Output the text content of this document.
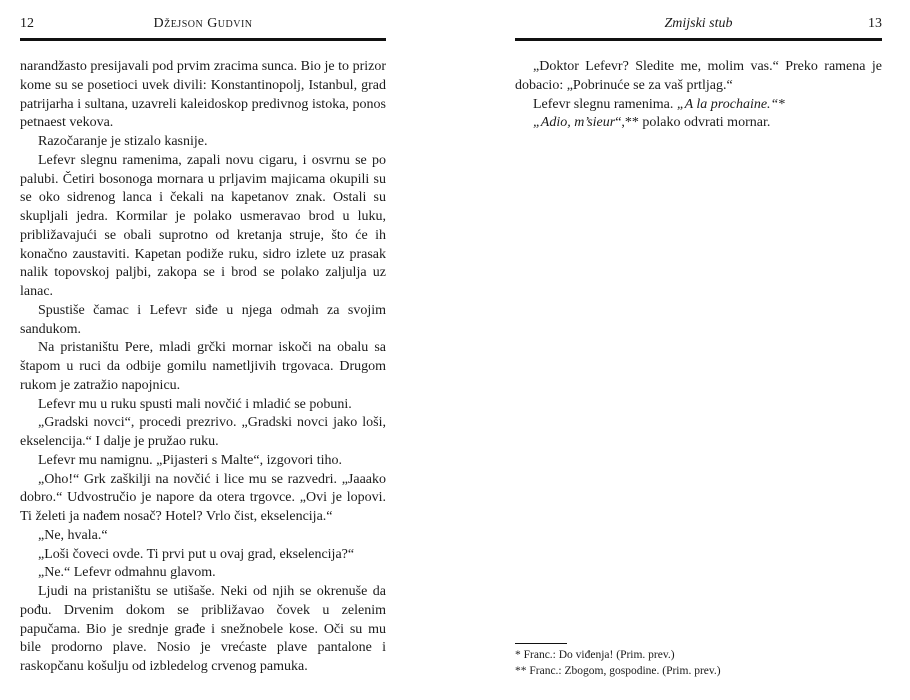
12	Džejson Gudvin

narandžasto presijavali pod prvim zracima sunca. Bio je to prizor kome su se posetioci uvek divili: Konstantinopolj, Istanbul, grad patrijarha i sultana, uzavreli kaleidoskop predivnog istoka, ponos petnaest vekova.

Razočaranje je stizalo kasnije.

Lefevr slegnu ramenima, zapali novu cigaru, i osvrnu se po palubi. Četiri bosonoga mornara u prljavim majicama okupili su se oko sidrenog lanca i čekali na kapetanov znak. Ostali su skupljali jedra. Kormilar je polako usmeravao brod u luku, približavajući se obali suprotno od kretanja struje, što će ih konačno zaustaviti. Kapetan podiže ruku, sidro izlete uz prasak nalik topovskoj paljbi, zakopa se i brod se polako zaljulja uz lanac.

Spustiše čamac i Lefevr siđe u njega odmah za svojim sandukom.

Na pristaništu Pere, mladi grčki mornar iskoči na obalu sa štapom u ruci da odbije gomilu nametljivih trgovaca. Drugom rukom je zatražio napojnicu.

Lefevr mu u ruku spusti mali novčić i mladić se pobuni.

„Gradski novci“, procedi prezrivo. „Gradski novci jako loši, ekselencija.“ I dalje je pružao ruku.

Lefevr mu namignu. „Pijasteri s Malte“, izgovori tiho.

„Oho!“ Grk zaškilji na novčić i lice mu se razvedri. „Jaaako dobro.“ Udvostručio je napore da otera trgovce. „Ovi je lopovi. Ti želeti ja nađem nosač? Hotel? Vrlo čist, ekselencija.“

„Ne, hvala.“

„Loši čoveci ovde. Ti prvi put u ovaj grad, ekselencija?“

„Ne.“ Lefevr odmahnu glavom.

Ljudi na pristaništu se utišaše. Neki od njih se okrenuše da pođu. Drvenim dokom se približavao čovek u zelenim papučama. Bio je srednje građe i snežnobele kose. Oči su mu bile prodorno plave. Nosio je vrećaste plave pantalone i raskopčanu košulju od izbledelog crvenog pamuka.

Zmijski stub	13

„Doktor Lefevr? Sledite me, molim vas.“ Preko ramena je dobacio: „Pobrinuće se za vaš prtljag.“

Lefevr slegnu ramenima. „A la prochaine.“*

„Adio, m’sieur“,** polako odvrati mornar.

* Franc.: Do viđenja! (Prim. prev.)

** Franc.: Zbogom, gospodine. (Prim. prev.)
